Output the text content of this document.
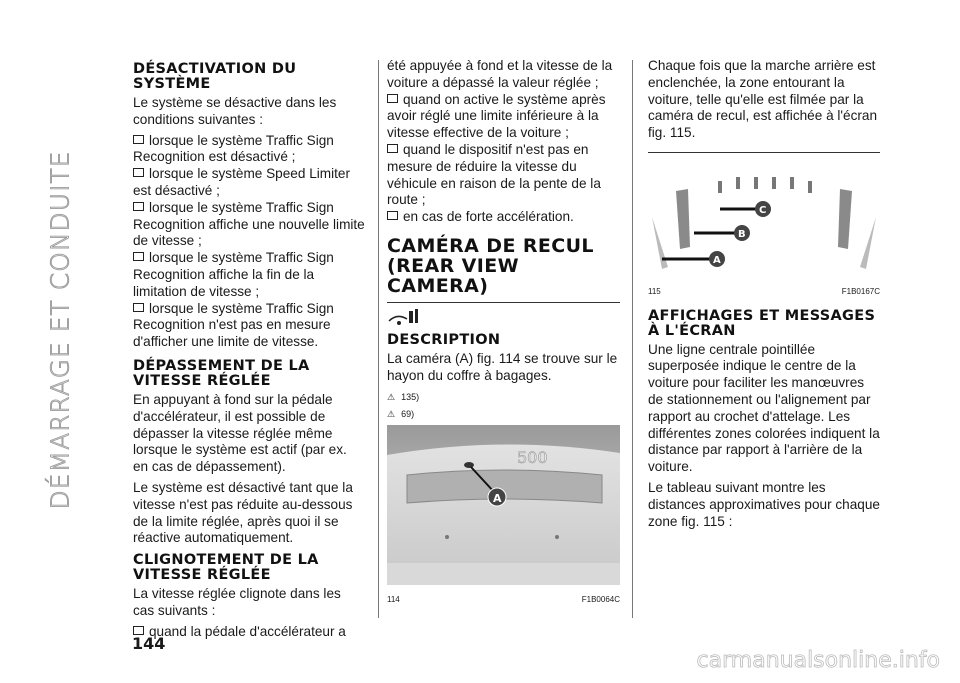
DÉMARRAGE ET CONDUITE
DÉSACTIVATION DU SYSTÈME

Le système se désactive dans les conditions suivantes :

lorsque le système Traffic Sign Recognition est désactivé ;

lorsque le système Speed Limiter est désactivé ;

lorsque le système Traffic Sign Recognition affiche une nouvelle limite de vitesse ;

lorsque le système Traffic Sign Recognition affiche la fin de la limitation de vitesse ;

lorsque le système Traffic Sign Recognition n'est pas en mesure d'afficher une limite de vitesse.

DÉPASSEMENT DE LA VITESSE RÉGLÉE

En appuyant à fond sur la pédale d'accélérateur, il est possible de dépasser la vitesse réglée même lorsque le système est actif (par ex. en cas de dépassement).

Le système est désactivé tant que la vitesse n'est pas réduite au-dessous de la limite réglée, après quoi il se réactive automatiquement.

CLIGNOTEMENT DE LA VITESSE RÉGLÉE

La vitesse réglée clignote dans les cas suivants :

quand la pédale d'accélérateur a

été appuyée à fond et la vitesse de la voiture a dépassé la valeur réglée ;

quand on active le système après avoir réglé une limite inférieure à la vitesse effective de la voiture ;

quand le dispositif n'est pas en mesure de réduire la vitesse du véhicule en raison de la pente de la route ;

en cas de forte accélération.

CAMÉRA DE RECUL (REAR VIEW CAMERA)
DESCRIPTION

La caméra (A) fig. 114 se trouve sur le hayon du coffre à bagages.

⚠ 135)
⚠ 69)
500
A
114	F1B0064C

Chaque fois que la marche arrière est enclenchée, la zone entourant la voiture, telle qu'elle est filmée par la caméra de recul, est affichée à l'écran fig. 115.

C
B
A
115	F1B0167C
AFFICHAGES ET MESSAGES À L'ÉCRAN

Une ligne centrale pointillée superposée indique le centre de la voiture pour faciliter les manœuvres de stationnement ou l'alignement par rapport au crochet d'attelage. Les différentes zones colorées indiquent la distance par rapport à l'arrière de la voiture.

Le tableau suivant montre les distances approximatives pour chaque zone fig. 115 :

144
carmanualsonline.info
